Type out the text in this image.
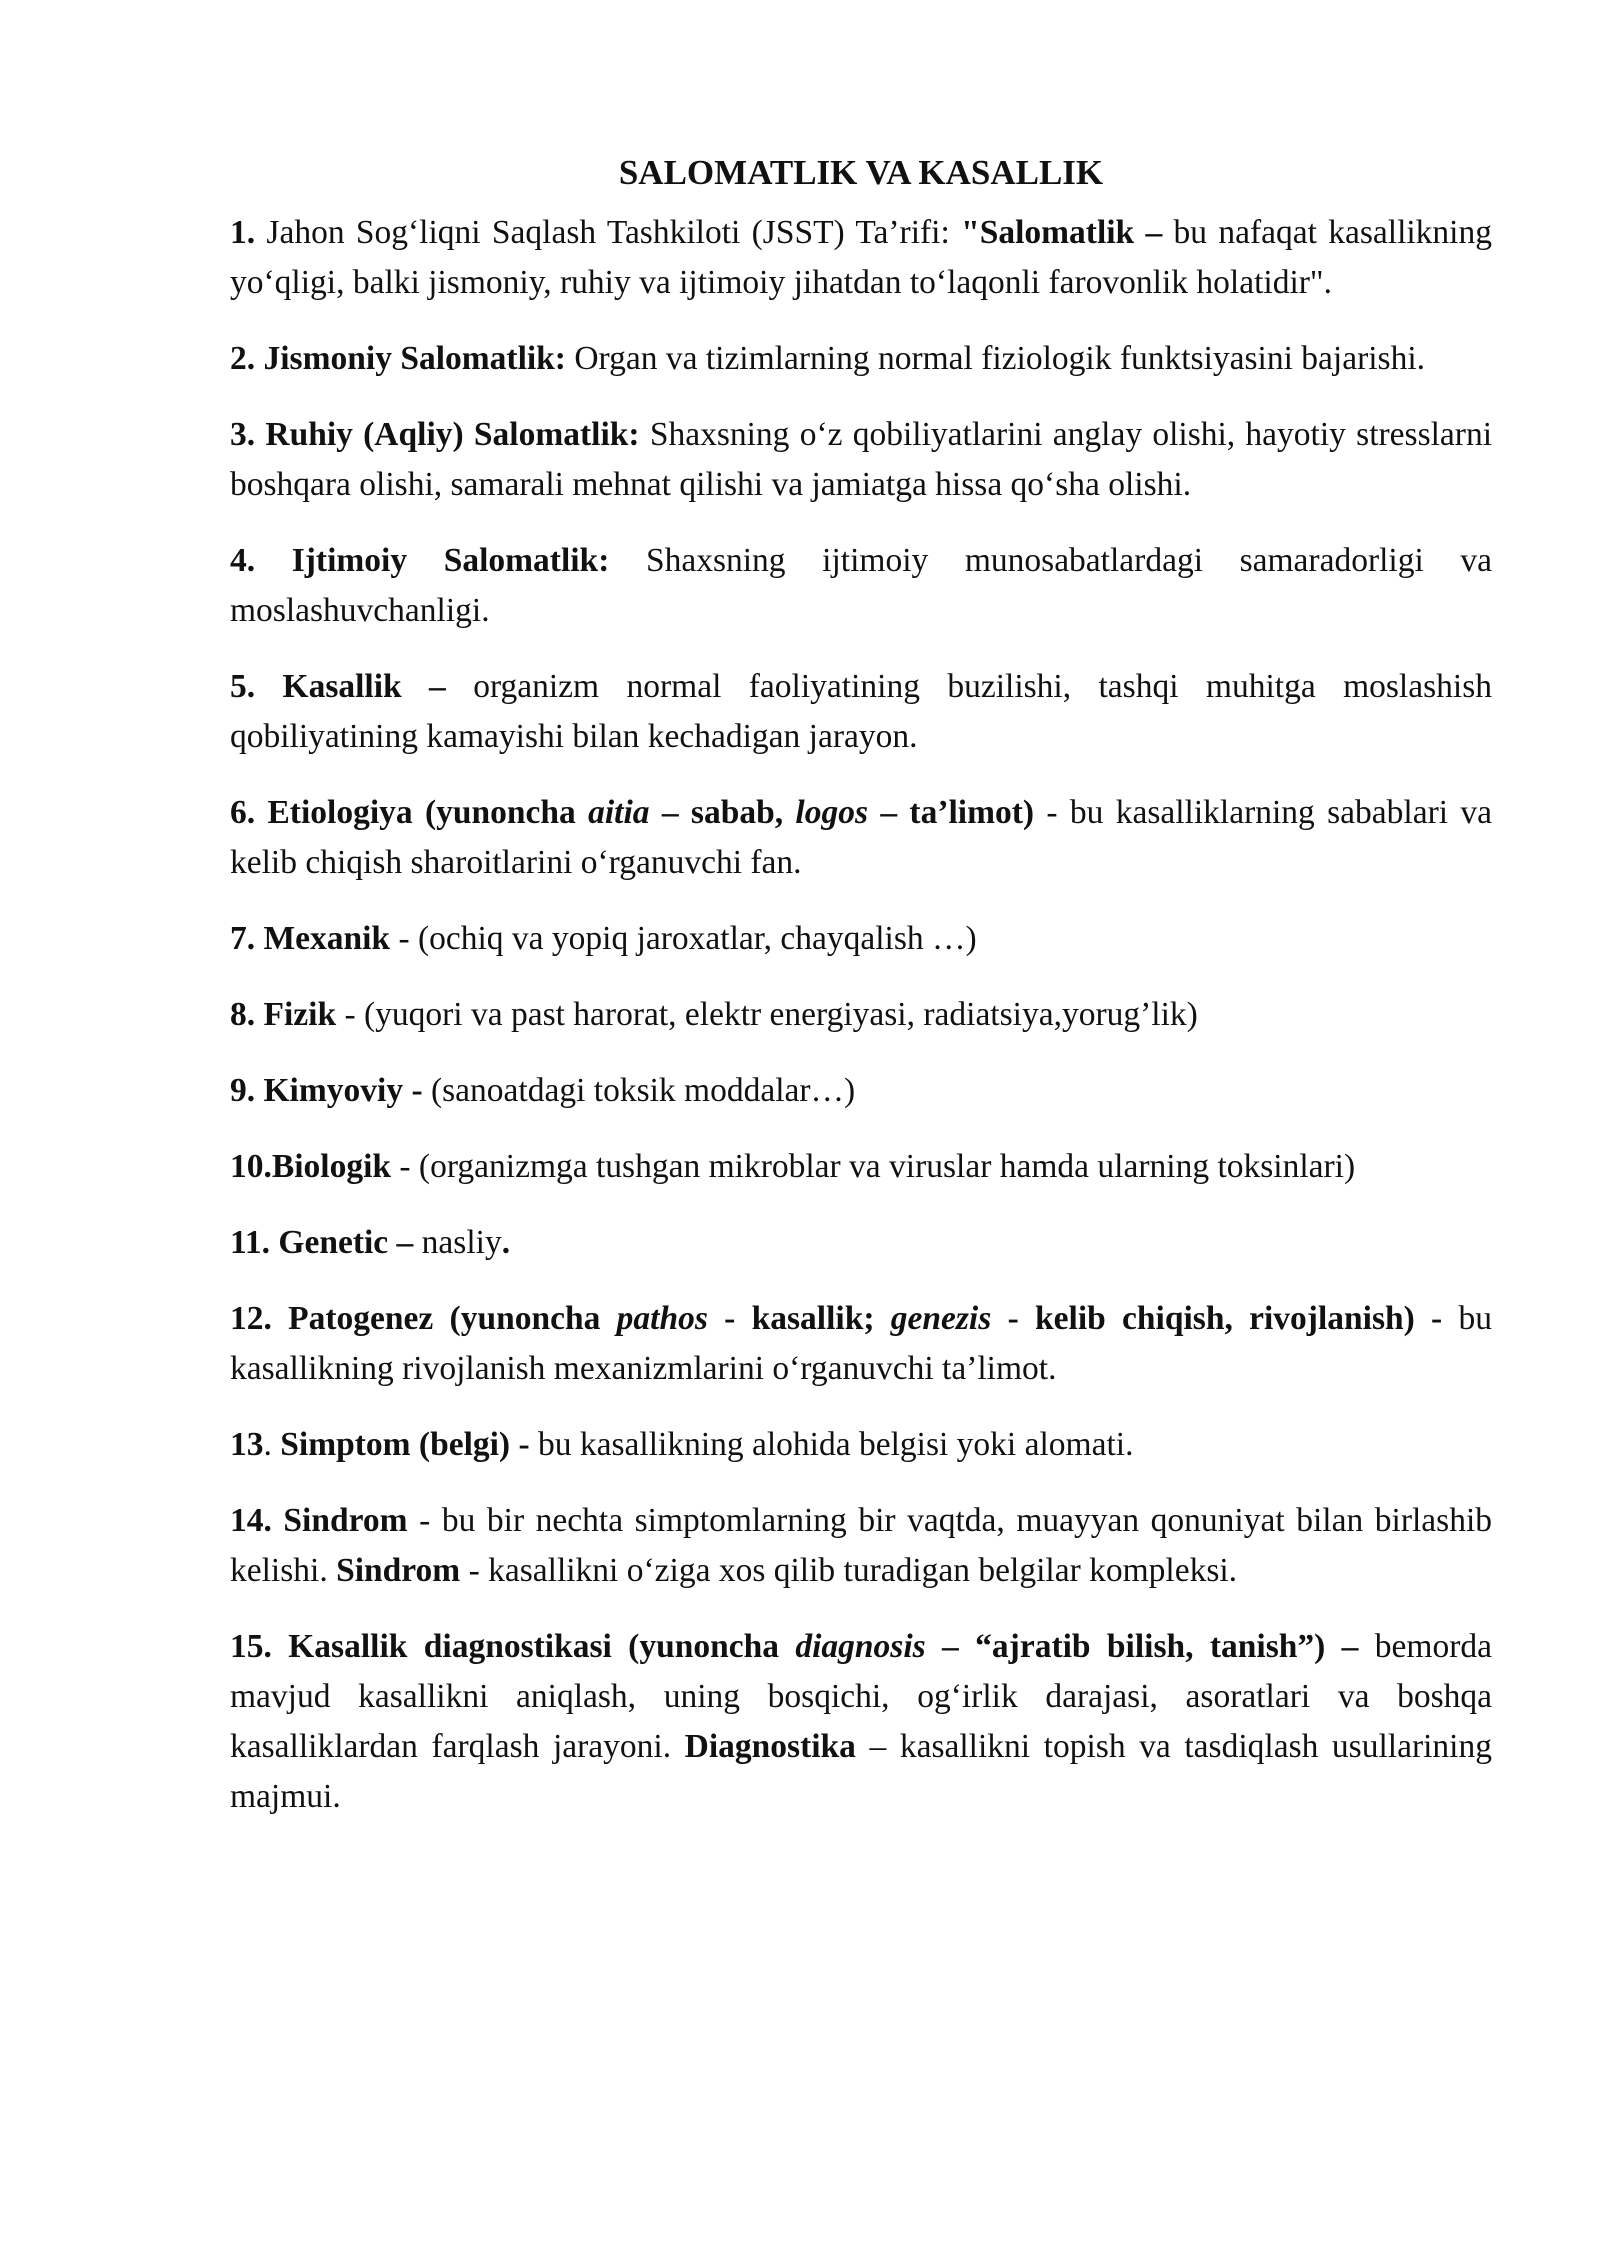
SALOMATLIK VA KASALLIK

1. Jahon Sog‘liqni Saqlash Tashkiloti (JSST) Ta’rifi: "Salomatlik – bu nafaqat kasallikning yo‘qligi, balki jismoniy, ruhiy va ijtimoiy jihatdan to‘laqonli farovonlik holatidir".

2. Jismoniy Salomatlik: Organ va tizimlarning normal fiziologik funktsiyasini bajarishi.

3. Ruhiy (Aqliy) Salomatlik: Shaxsning o‘z qobiliyatlarini anglay olishi, hayotiy stresslarni boshqara olishi, samarali mehnat qilishi va jamiatga hissa qo‘sha olishi.

4. Ijtimoiy Salomatlik: Shaxsning ijtimoiy munosabatlardagi samaradorligi va moslashuvchanligi.

5. Kasallik – organizm normal faoliyatining buzilishi, tashqi muhitga moslashish qobiliyatining kamayishi bilan kechadigan jarayon.

6. Etiologiya (yunoncha aitia – sabab, logos – ta’limot) - bu kasalliklarning sabablari va kelib chiqish sharoitlarini o‘rganuvchi fan.

7. Mexanik - (ochiq va yopiq jaroxatlar, chayqalish …)

8. Fizik - (yuqori va past harorat, elektr energiyasi, radiatsiya,yorug’lik)

9. Kimyoviy - (sanoatdagi toksik moddalar…)

10.Biologik - (organizmga tushgan mikroblar va viruslar hamda ularning toksinlari)

11. Genetic – nasliy.

12. Patogenez (yunoncha pathos - kasallik; genezis - kelib chiqish, rivojlanish) - bu kasallikning rivojlanish mexanizmlarini o‘rganuvchi ta’limot.

13. Simptom (belgi) - bu kasallikning alohida belgisi yoki alomati.

14. Sindrom - bu bir nechta simptomlarning bir vaqtda, muayyan qonuniyat bilan birlashib kelishi. Sindrom - kasallikni o‘ziga xos qilib turadigan belgilar kompleksi.

15. Kasallik diagnostikasi (yunoncha diagnosis – “ajratib bilish, tanish”) – bemorda mavjud kasallikni aniqlash, uning bosqichi, og‘irlik darajasi, asoratlari va boshqa kasalliklardan farqlash jarayoni. Diagnostika – kasallikni topish va tasdiqlash usullarining majmui.
